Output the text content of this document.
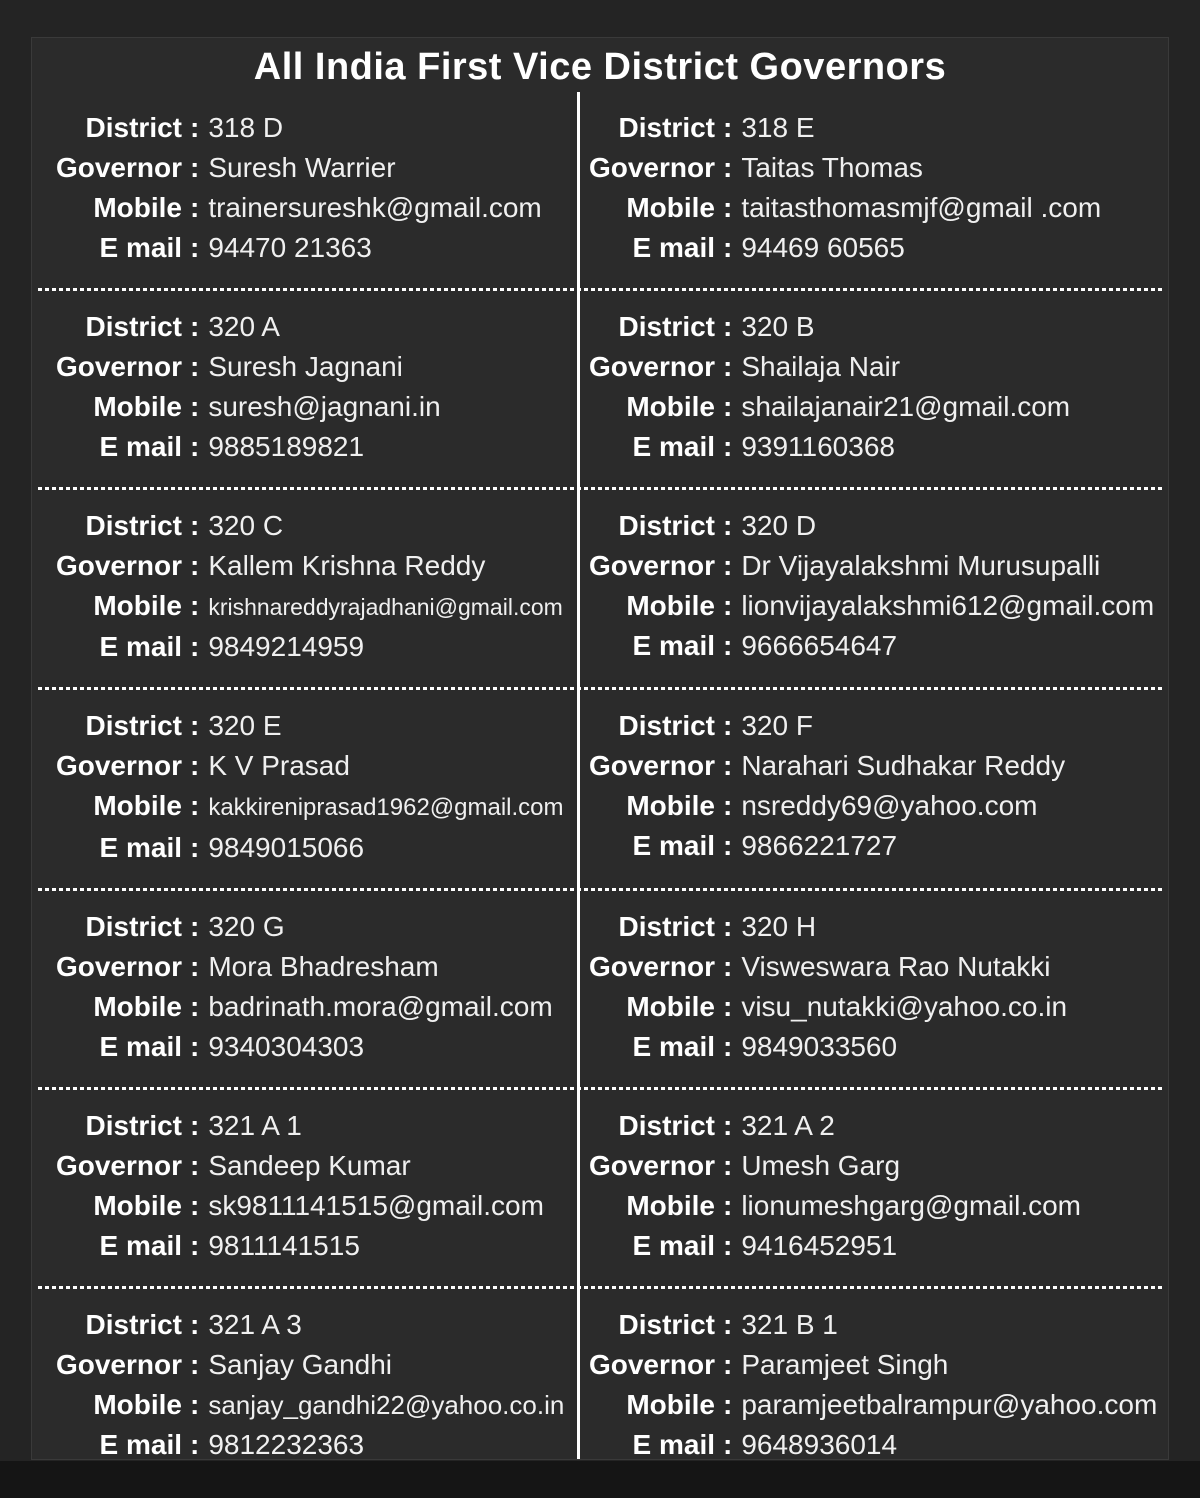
All India First Vice District Governors
District : 318 D
Governor : Suresh Warrier
Mobile : trainersureshk@gmail.com
E mail : 94470 21363
District : 318 E
Governor : Taitas Thomas
Mobile : taitasthomasmjf@gmail .com
E mail : 94469 60565
District : 320 A
Governor : Suresh Jagnani
Mobile : suresh@jagnani.in
E mail : 9885189821
District : 320 B
Governor : Shailaja Nair
Mobile : shailajanair21@gmail.com
E mail : 9391160368
District : 320 C
Governor : Kallem Krishna Reddy
Mobile : krishnareddyrajadhani@gmail.com
E mail : 9849214959
District : 320 D
Governor : Dr Vijayalakshmi Murusupalli
Mobile : lionvijayalakshmi612@gmail.com
E mail : 9666654647
District : 320 E
Governor : K V Prasad
Mobile : kakkireniprasad1962@gmail.com
E mail : 9849015066
District : 320 F
Governor : Narahari Sudhakar Reddy
Mobile : nsreddy69@yahoo.com
E mail : 9866221727
District : 320 G
Governor : Mora Bhadresham
Mobile : badrinath.mora@gmail.com
E mail : 9340304303
District : 320 H
Governor : Visweswara Rao Nutakki
Mobile : visu_nutakki@yahoo.co.in
E mail : 9849033560
District : 321 A 1
Governor : Sandeep Kumar
Mobile : sk9811141515@gmail.com
E mail : 9811141515
District : 321 A 2
Governor : Umesh Garg
Mobile : lionumeshgarg@gmail.com
E mail : 9416452951
District : 321 A 3
Governor : Sanjay Gandhi
Mobile : sanjay_gandhi22@yahoo.co.in
E mail : 9812232363
District : 321 B 1
Governor : Paramjeet Singh
Mobile : paramjeetbalrampur@yahoo.com
E mail : 9648936014
